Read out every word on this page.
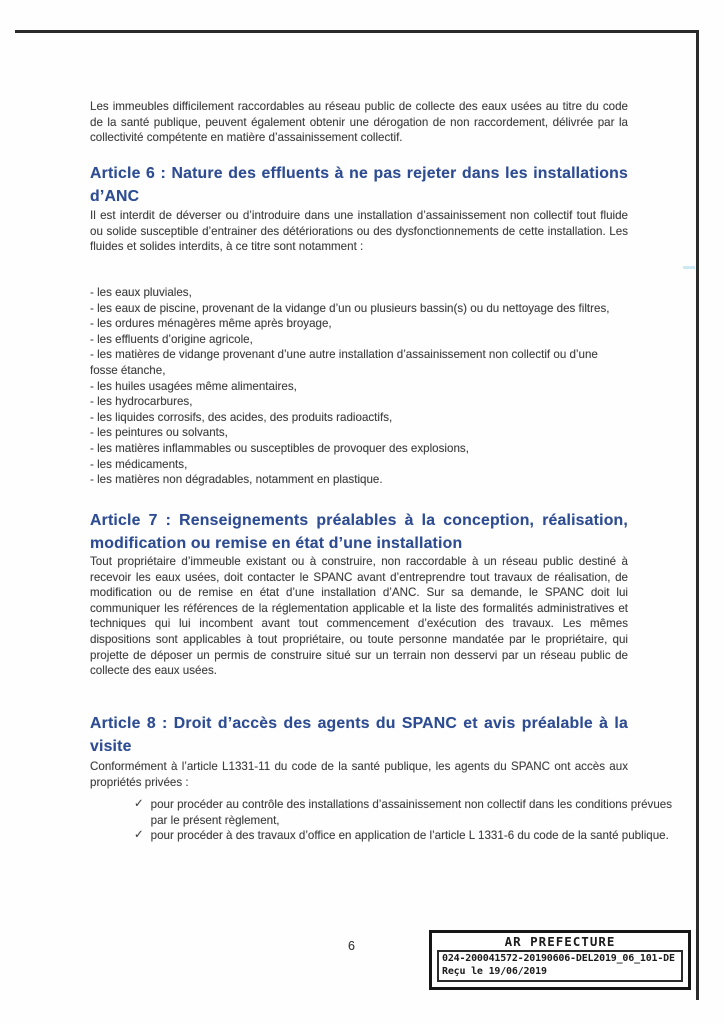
Les immeubles difficilement raccordables au réseau public de collecte des eaux usées au titre du code de la santé publique, peuvent également obtenir une dérogation de non raccordement, délivrée par la collectivité compétente en matière d’assainissement collectif.

Article 6 : Nature des effluents à ne pas rejeter dans les installations d’ANC

Il est interdit de déverser ou d’introduire dans une installation d’assainissement non collectif tout fluide ou solide susceptible d’entrainer des détériorations ou des dysfonctionnements de cette installation. Les fluides et solides interdits, à ce titre sont notamment :

- les eaux pluviales,

- les eaux de piscine, provenant de la vidange d’un ou plusieurs bassin(s) ou du nettoyage des filtres,

- les ordures ménagères même après broyage,

- les effluents d’origine agricole,

- les matières de vidange provenant d’une autre installation d’assainissement non collectif ou d’une fosse étanche,

- les huiles usagées même alimentaires,

- les hydrocarbures,

- les liquides corrosifs, des acides, des produits radioactifs,

- les peintures ou solvants,

- les matières inflammables ou susceptibles de provoquer des explosions,

- les médicaments,

- les matières non dégradables, notamment en plastique.

Article 7 : Renseignements préalables à la conception, réalisation, modification ou remise en état d’une installation

Tout propriétaire d’immeuble existant ou à construire, non raccordable à un réseau public destiné à recevoir les eaux usées, doit contacter le SPANC avant d’entreprendre tout travaux de réalisation, de modification ou de remise en état d’une installation d’ANC. Sur sa demande, le SPANC doit lui communiquer les références de la réglementation applicable et la liste des formalités administratives et techniques qui lui incombent avant tout commencement d’exécution des travaux. Les mêmes dispositions sont applicables à tout propriétaire, ou toute personne mandatée par le propriétaire, qui projette de déposer un permis de construire situé sur un terrain non desservi par un réseau public de collecte des eaux usées.

Article 8 : Droit d’accès des agents du SPANC et avis préalable à la visite

Conformément à l’article L1331-11 du code de la santé publique, les agents du SPANC ont accès aux propriétés privées :

✓ pour procéder au contrôle des installations d’assainissement non collectif dans les conditions prévues par le présent règlement,
✓ pour procéder à des travaux d’office en application de l’article L 1331-6 du code de la santé publique.
6	AR PREFECTURE
024-200041572-20190606-DEL2019_06_101-DE
Reçu le 19/06/2019
